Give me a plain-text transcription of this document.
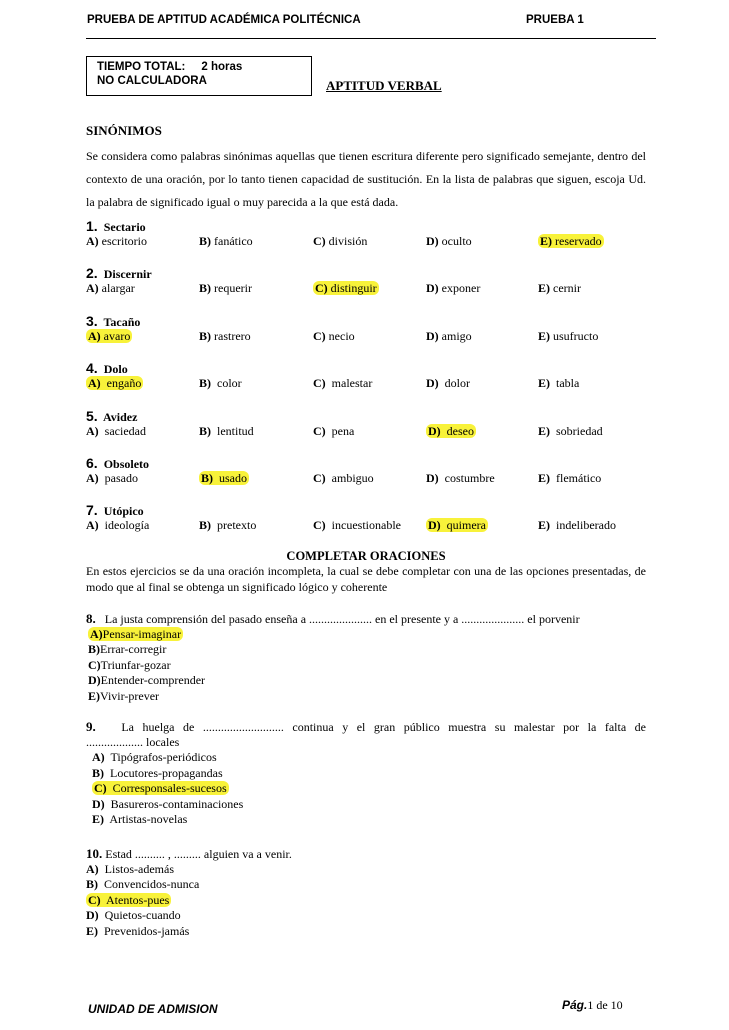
PRUEBA DE APTITUD ACADÉMICA POLITÉCNICA	PRUEBA 1
TIEMPO TOTAL: 2 horas
NO CALCULADORA	APTITUD VERBAL
SINÓNIMOS
Se considera como palabras sinónimas aquellas que tienen escritura diferente pero significado semejante, dentro del contexto de una oración, por lo tanto tienen capacidad de sustitución. En la lista de palabras que siguen, escoja Ud. la palabra de significado igual o muy parecida a la que está dada.
1.  Sectario
A) escritorio	B) fanático	C) división	D) oculto	E) reservado
2.  Discernir
A) alargar	B) requerir	C) distinguir	D) exponer	E) cernir
3.  Tacaño
A) avaro	B) rastrero	C) necio	D) amigo	E) usufructo
4.  Dolo
A)  engaño	B)  color	C)  malestar	D)  dolor	E)  tabla
5.  Avidez
A)  saciedad	B)  lentitud	C)  pena	D)  deseo	E)  sobriedad
6.  Obsoleto
A)  pasado	B)  usado	C)  ambiguo	D)  costumbre	E)  flemático
7.  Utópico
A)  ideología	B)  pretexto	C)  incuestionable D)  quimera	E)  indeliberado
COMPLETAR ORACIONES
En estos ejercicios se da una oración incompleta, la cual se debe completar con una de las opciones presentadas, de modo que al final se obtenga un significado lógico y coherente
8. La justa comprensión del pasado enseña a ..................... en el presente y a ..................... el porvenir
A)Pensar-imaginar
B)Errar-corregir
C)Triunfar-gozar
D)Entender-comprender
E)Vivir-prever
9. La huelga de ........................... continua y el gran público muestra su malestar por la falta de
................... locales
A)  Tipógrafos-periódicos
B)  Locutores-propagandas
C)  Corresponsales-sucesos
D)  Basureros-contaminaciones
E)  Artistas-novelas
10. Estad .......... , ......... alguien va a venir.
A)  Listos-además
B)  Convencidos-nunca
C)  Atentos-pues
D)  Quietos-cuando
E)  Prevenidos-jamás
UNIDAD DE ADMISION	Pág.1 de 10
